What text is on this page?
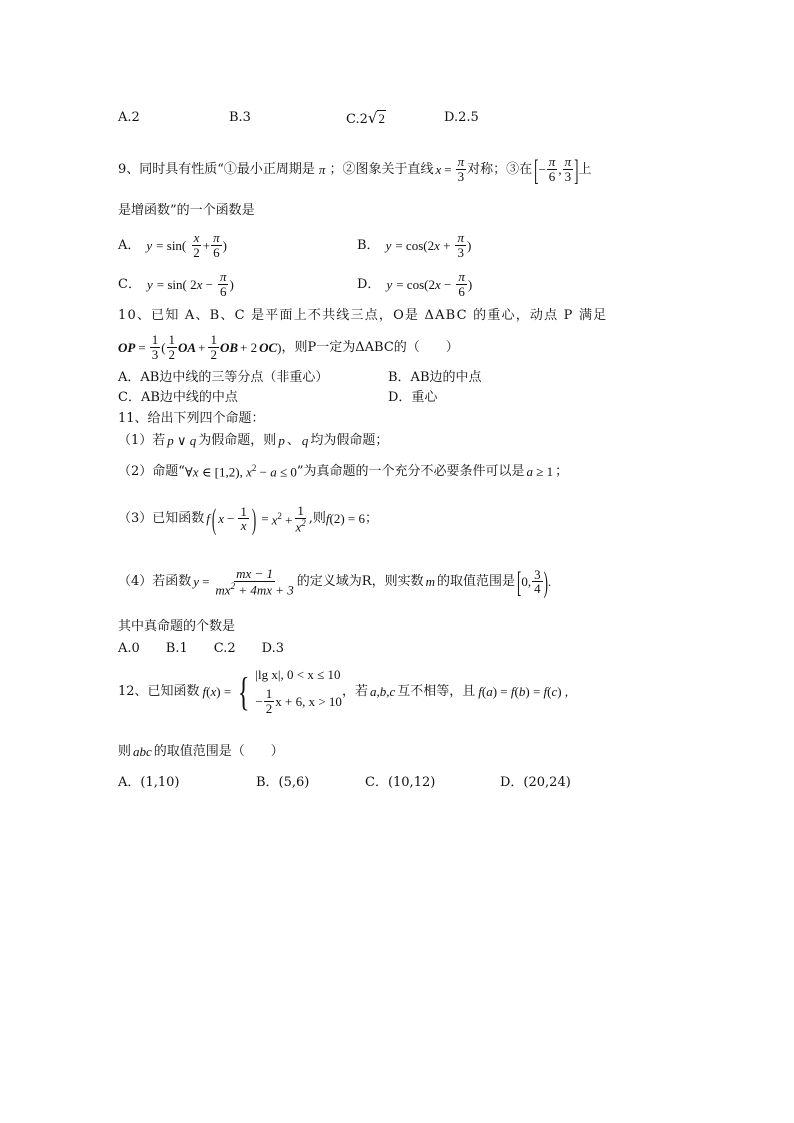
A.2	B.3	C.2√2	D.2.5
9、同时具有性质“①最小正周期是 π ；②图象关于直线 $x = \frac{\pi}{3}$ 对称；③在 [ − $\frac{\pi}{6}$ , $\frac{\pi}{3}$ ] 上
是增函数”的一个函数是
A． $y = \sin( \frac{x}{2} + \frac{\pi}{6}$ )	B． $y = \cos(2x + \frac{\pi}{3}$ )
C． y = sin( $2x - \frac{\pi}{6}$ )	D． $y = \cos(2x - \frac{\pi}{6}$ )
10、已知 A、B、C 是平面上不共线三点，O是 ΔABC 的重心，动点 P 满足
OP = $\frac{1}{3}$ ( $\frac{1}{2}$ OA + $\frac{1}{2}$ OB + 2 OC ) ，则P一定为ΔABC的（　　）
A．AB边中线的三等分点（非重心）	B．AB边的中点
C．AB边中线的中点	D．重心
11、给出下列四个命题：
（1）若 p ∨ q 为假命题，则 p 、 q 均为假命题；
（2）命题“ ∀x ∈ [1,2), $x^2 - a \le 0$ ”为真命题的一个充分不必要条件可以是 a ≥ 1 ；
（3）已知函数 f ( $x - \frac{1}{x}$ ) = $x^2 + \frac{1}{x^2}$ ,则 f(2) = 6 ；
（4）若函数 $y = \frac{mx - 1}{mx^2 + 4mx + 3}$ 的定义域为R，则实数 m 的取值范围是 [ 0, $\frac{3}{4}$ ) .
其中真命题的个数是
A.0　　B.1　　C.2　　D.3
12、已知函数 f(x) = { |lg x|, 0 < x ≤ 10
− $\frac{1}{2}$ x + 6, x > 10
，若 a,b,c 互不相等，且 f(a) = f(b) = f(c) ,
则 abc 的取值范围是（　　）
A．(1,10)	B．(5,6)	C．(10,12)	D．(20,24)
